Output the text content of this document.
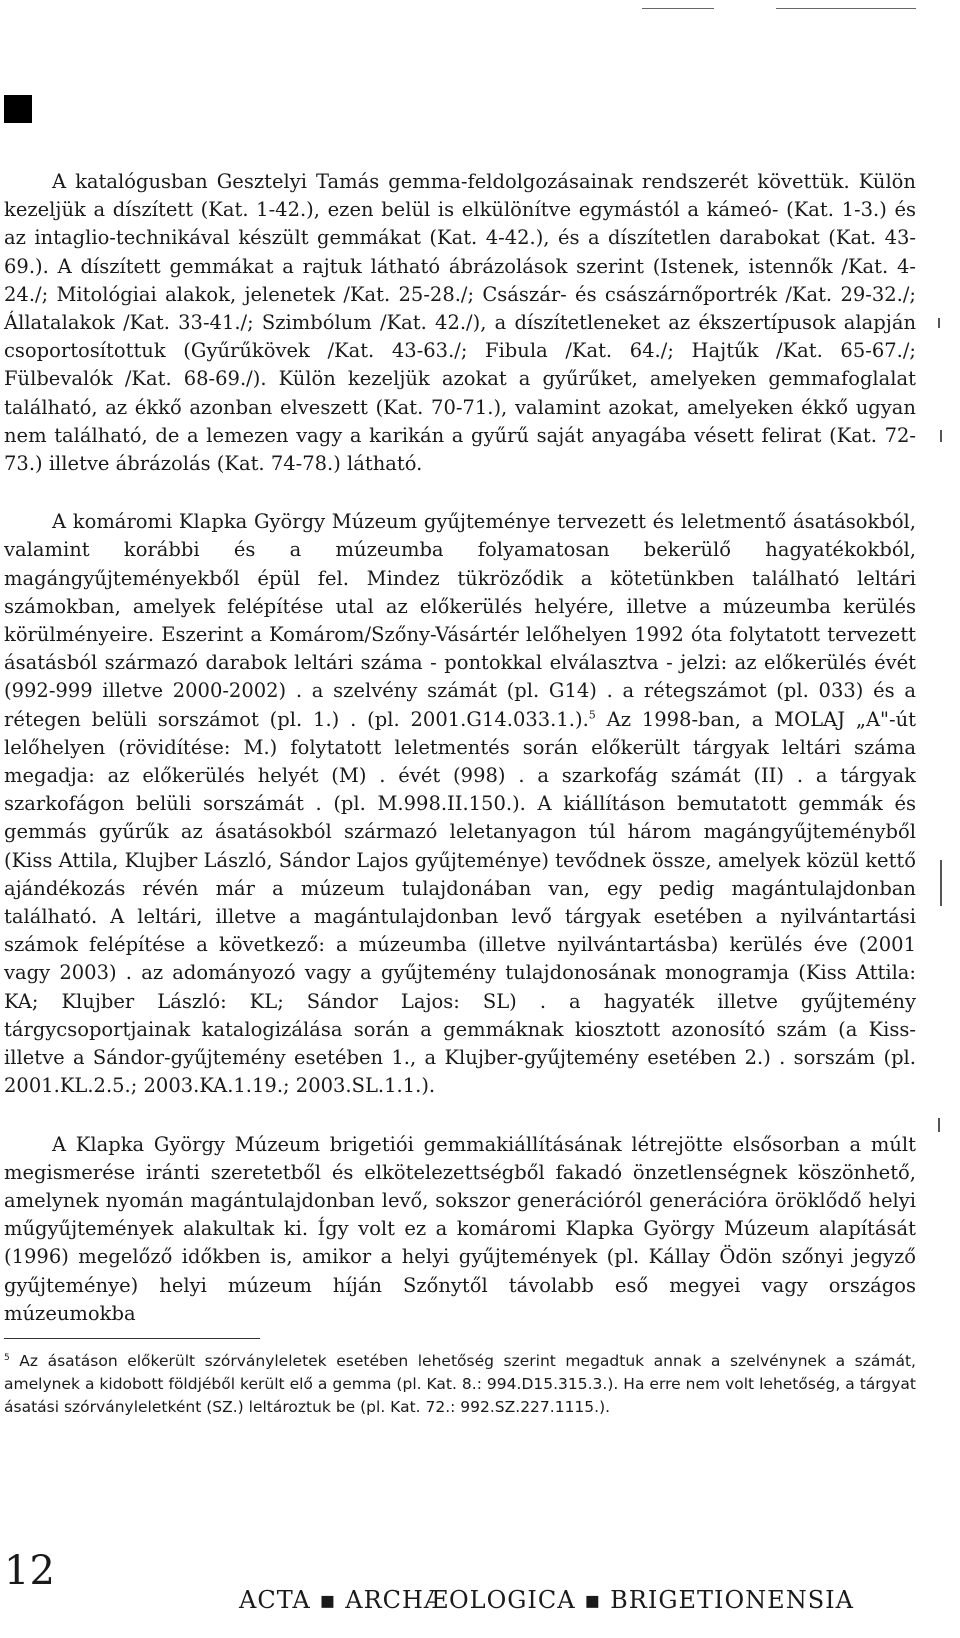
A katalógusban Gesztelyi Tamás gemma-feldolgozásainak rendszerét követtük. Külön kezeljük a díszített (Kat. 1-42.), ezen belül is elkülönítve egymástól a kámeó- (Kat. 1-3.) és az intaglio-technikával készült gemmákat (Kat. 4-42.), és a díszítetlen darabokat (Kat. 43-69.). A díszített gemmákat a rajtuk látható ábrázolások szerint (Istenek, istennők /Kat. 4-24./; Mitológiai alakok, jelenetek /Kat. 25-28./; Császár- és császárnőportrék /Kat. 29-32./; Állatalakok /Kat. 33-41./; Szimbólum /Kat. 42./), a díszítetleneket az ékszertípusok alapján csoportosítottuk (Gyűrűkövek /Kat. 43-63./; Fibula /Kat. 64./; Hajtűk /Kat. 65-67./; Fülbevalók /Kat. 68-69./). Külön kezeljük azokat a gyűrűket, amelyeken gemmafoglalat található, az ékkő azonban elveszett (Kat. 70-71.), valamint azokat, amelyeken ékkő ugyan nem található, de a lemezen vagy a karikán a gyűrű saját anyagába vésett felirat (Kat. 72-73.) illetve ábrázolás (Kat. 74-78.) látható.

A komáromi Klapka György Múzeum gyűjteménye tervezett és leletmentő ásatásokból, valamint korábbi és a múzeumba folyamatosan bekerülő hagyatékokból, magángyűjteményekből épül fel. Mindez tükröződik a kötetünkben található leltári számokban, amelyek felépítése utal az előkerülés helyére, illetve a múzeumba kerülés körülményeire. Eszerint a Komárom/Szőny-Vásártér lelőhelyen 1992 óta folytatott tervezett ásatásból származó darabok leltári száma - pontokkal elválasztva - jelzi: az előkerülés évét (992-999 illetve 2000-2002) . a szelvény számát (pl. G14) . a rétegszámot (pl. 033) és a rétegen belüli sorszámot (pl. 1.) . (pl. 2001.G14.033.1.).$^5$ Az 1998-ban, a MOLAJ „A"-út lelőhelyen (rövidítése: M.) folytatott leletmentés során előkerült tárgyak leltári száma megadja: az előkerülés helyét (M) . évét (998) . a szarkofág számát (II) . a tárgyak szarkofágon belüli sorszámát . (pl. M.998.II.150.). A kiállításon bemutatott gemmák és gemmás gyűrűk az ásatásokból származó leletanyagon túl három magángyűjteményből (Kiss Attila, Klujber László, Sándor Lajos gyűjteménye) tevődnek össze, amelyek közül kettő ajándékozás révén már a múzeum tulajdonában van, egy pedig magántulajdonban található. A leltári, illetve a magántulajdonban levő tárgyak esetében a nyilvántartási számok felépítése a következő: a múzeumba (illetve nyilvántartásba) kerülés éve (2001 vagy 2003) . az adományozó vagy a gyűjtemény tulajdonosának monogramja (Kiss Attila: KA; Klujber László: KL; Sándor Lajos: SL) . a hagyaték illetve gyűjtemény tárgycsoportjainak katalogizálása során a gemmáknak kiosztott azonosító szám (a Kiss- illetve a Sándor-gyűjtemény esetében 1., a Klujber-gyűjtemény esetében 2.) . sorszám (pl. 2001.KL.2.5.; 2003.KA.1.19.; 2003.SL.1.1.).

A Klapka György Múzeum brigetiói gemmakiállításának létrejötte elsősorban a múlt megismerése iránti szeretetből és elkötelezettségből fakadó önzetlenségnek köszönhető, amelynek nyomán magántulajdonban levő, sokszor generációról generációra öröklődő helyi műgyűjtemények alakultak ki. Így volt ez a komáromi Klapka György Múzeum alapítását (1996) megelőző időkben is, amikor a helyi gyűjtemények (pl. Kállay Ödön szőnyi jegyző gyűjteménye) helyi múzeum híján Szőnytől távolabb eső megyei vagy országos múzeumokba

$^5$ Az ásatáson előkerült szórványleletek esetében lehetőség szerint megadtuk annak a szelvénynek a számát, amelynek a kidobott földjéből került elő a gemma (pl. Kat. 8.: 994.D15.315.3.). Ha erre nem volt lehetőség, a tárgyat ásatási szórványleletként (SZ.) leltároztuk be (pl. Kat. 72.: 992.SZ.227.1115.).
12
ACTA ▪ ARCHÆOLOGICA ▪ BRIGETIONENSIA
